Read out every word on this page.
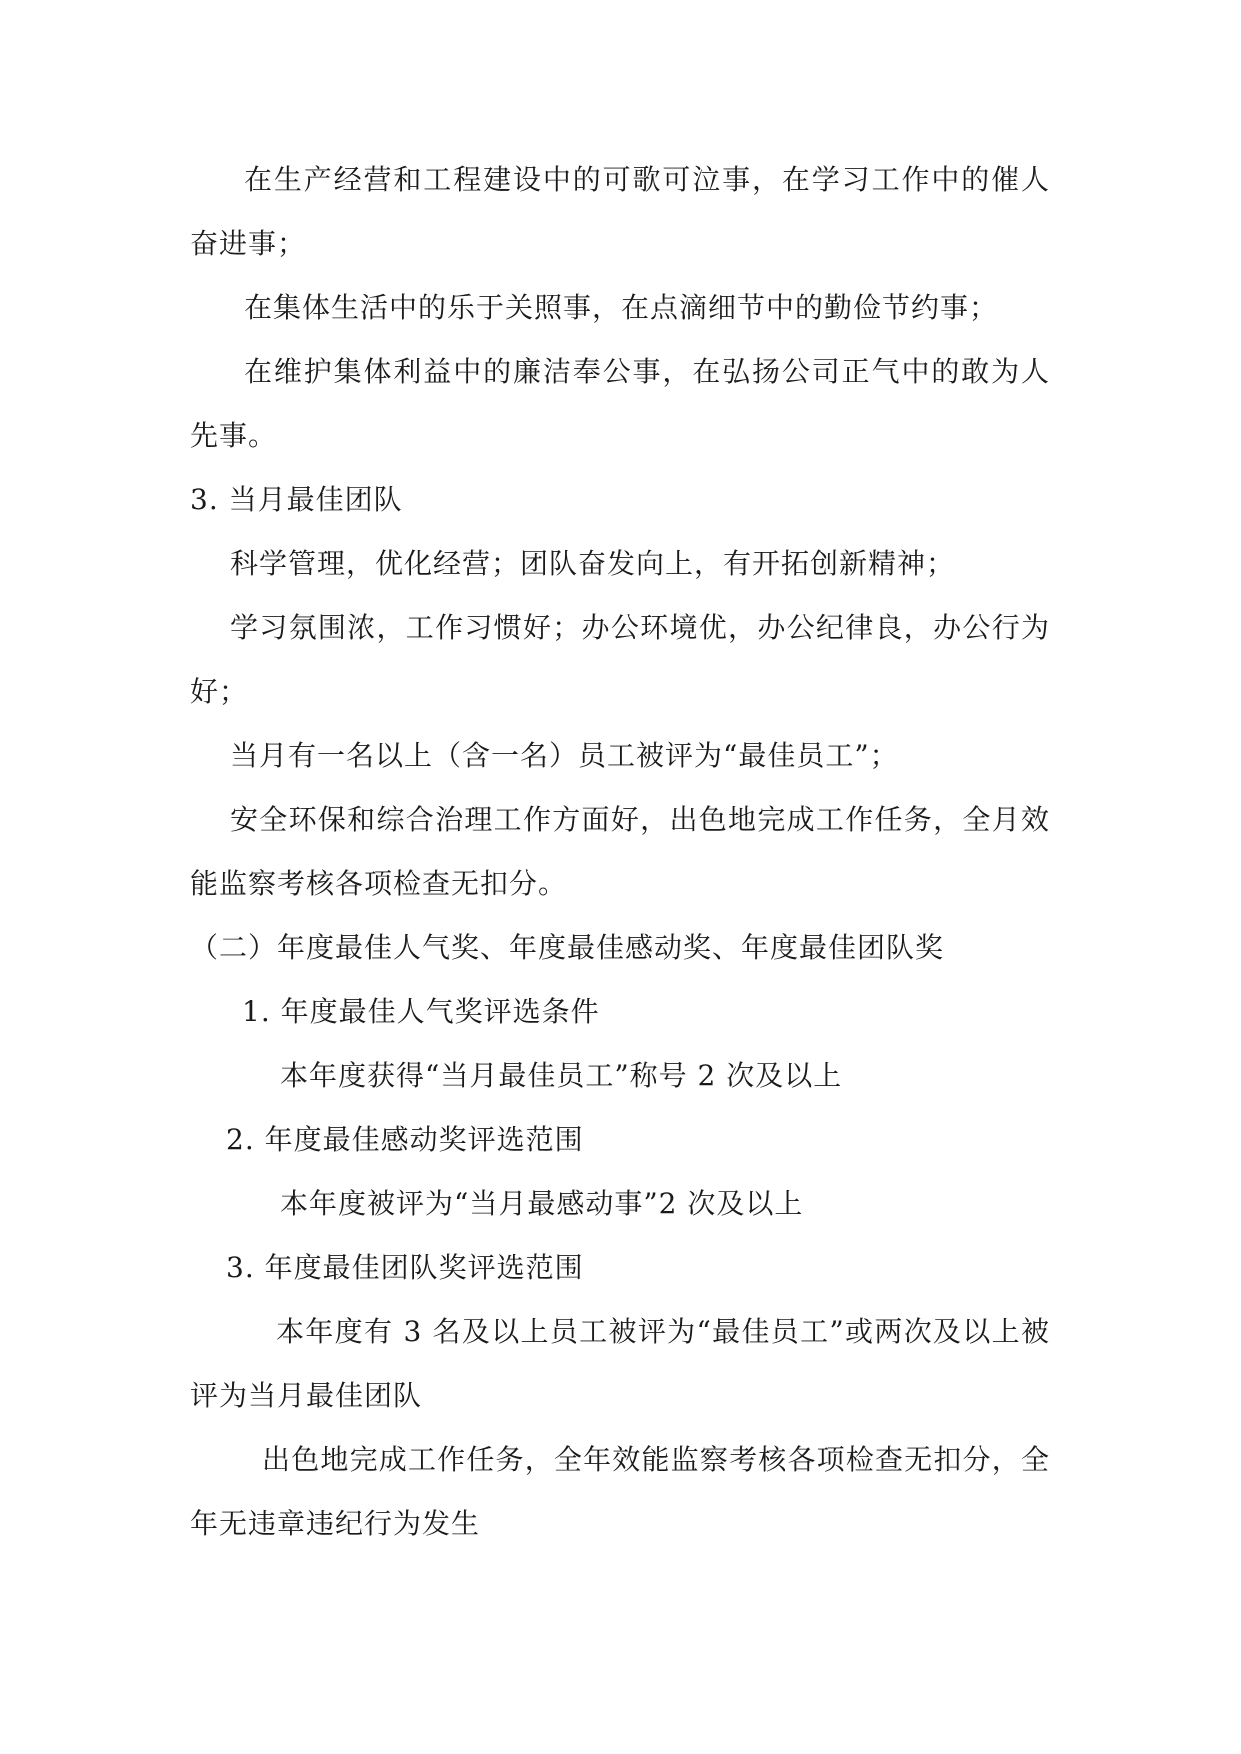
在生产经营和工程建设中的可歌可泣事，在学习工作中的催人奋进事；

在集体生活中的乐于关照事，在点滴细节中的勤俭节约事；

在维护集体利益中的廉洁奉公事，在弘扬公司正气中的敢为人先事。

3. 当月最佳团队

科学管理，优化经营；团队奋发向上，有开拓创新精神；

学习氛围浓，工作习惯好；办公环境优，办公纪律良，办公行为好；

当月有一名以上（含一名）员工被评为“最佳员工”；

安全环保和综合治理工作方面好，出色地完成工作任务，全月效能监察考核各项检查无扣分。

（二）年度最佳人气奖、年度最佳感动奖、年度最佳团队奖

1. 年度最佳人气奖评选条件

本年度获得“当月最佳员工”称号 2 次及以上

2. 年度最佳感动奖评选范围

本年度被评为“当月最感动事”2 次及以上

3. 年度最佳团队奖评选范围

本年度有 3 名及以上员工被评为“最佳员工”或两次及以上被评为当月最佳团队

出色地完成工作任务，全年效能监察考核各项检查无扣分，全年无违章违纪行为发生
